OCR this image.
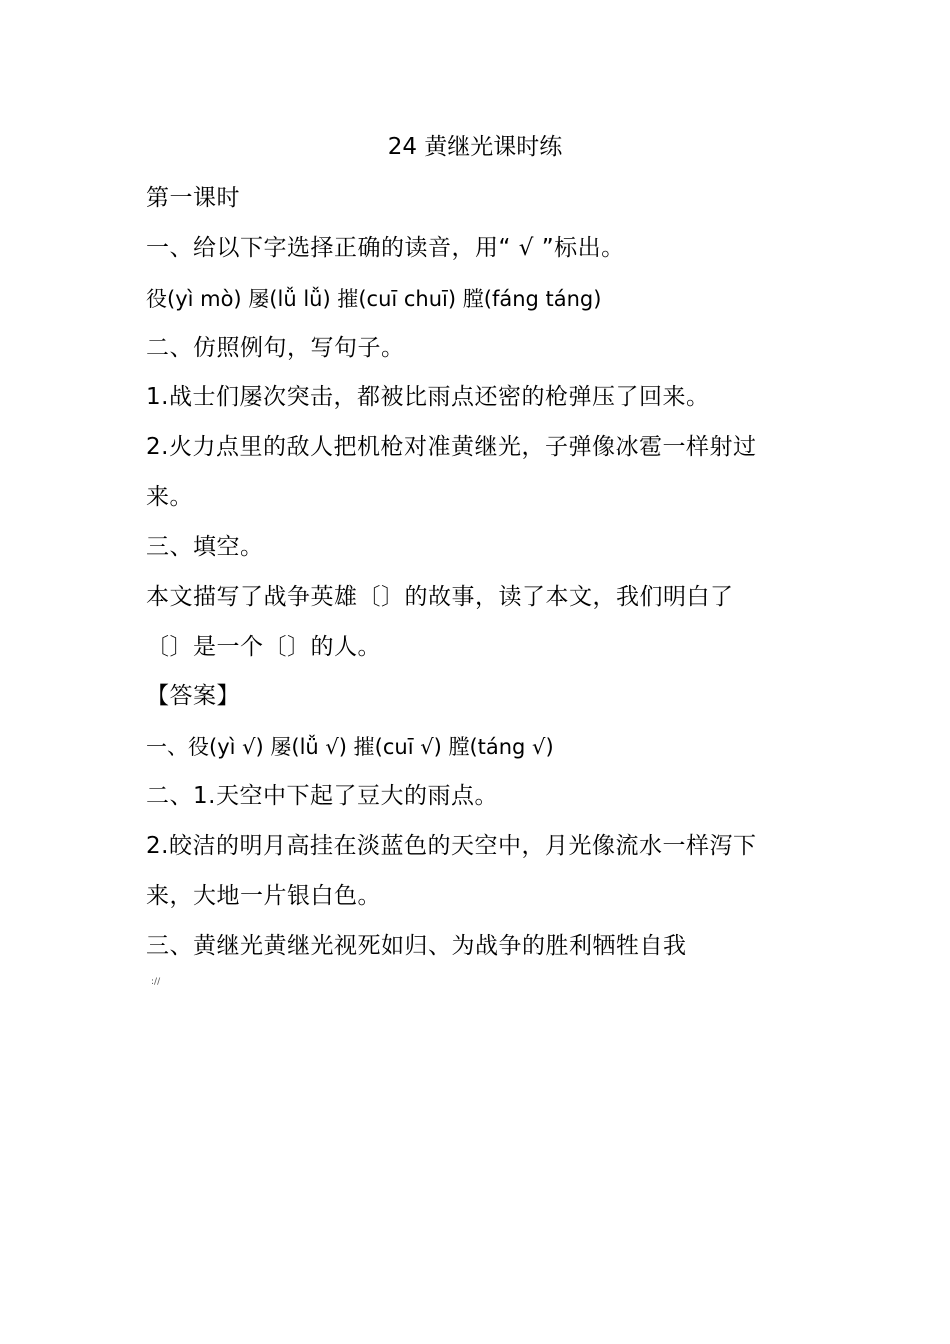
24 黄继光课时练
第一课时
一、给以下字选择正确的读音，用“ √ ”标出。
役(yì mò) 屡(lǚ lǚ) 摧(cuī chuī) 膛(fáng táng)
二、仿照例句，写句子。
1.战士们屡次突击，都被比雨点还密的枪弹压了回来。
2.火力点里的敌人把机枪对准黄继光，子弹像冰雹一样射过
来。
三、填空。
本文描写了战争英雄〔〕的故事，读了本文，我们明白了
〔〕是一个〔〕的人。
【答案】
一、役(yì √) 屡(lǚ √) 摧(cuī √) 膛(táng √)
二、1.天空中下起了豆大的雨点。
2.皎洁的明月高挂在淡蓝色的天空中，月光像流水一样泻下
来，大地一片银白色。
三、黄继光黄继光视死如归、为战争的胜利牺牲自我
://
